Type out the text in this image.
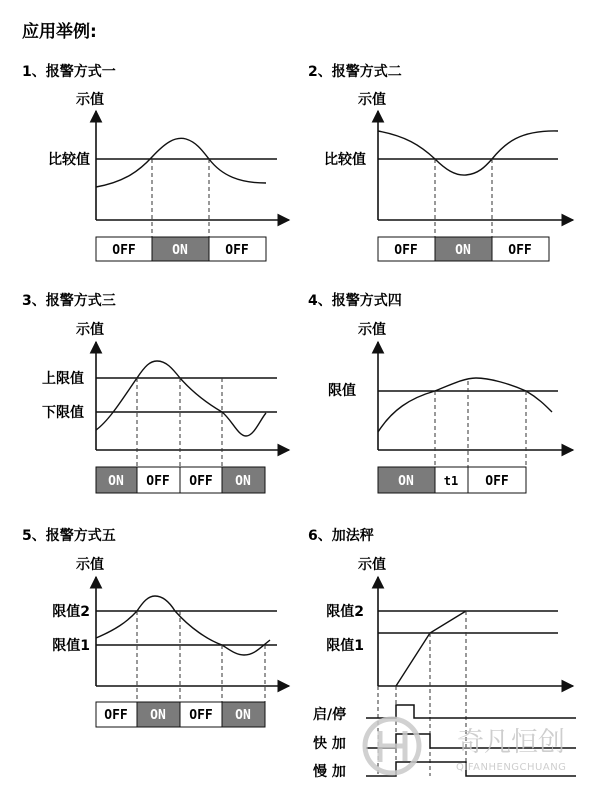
应用举例:
1、报警方式一
示值
比较值
OFF	ON	OFF
2、报警方式二
示值
比较值
OFF	ON	OFF
3、报警方式三
示值
上限值
下限值
ON OFF OFF ON
4、报警方式四
示值
限值
ON t1 OFF
5、报警方式五
示值
限值2
限值1
OFF ON OFF ON
6、加法秤
示值
限值2
限值1
启/停
快 加
慢 加
奇凡恒创
QIFANHENGCHUANG
